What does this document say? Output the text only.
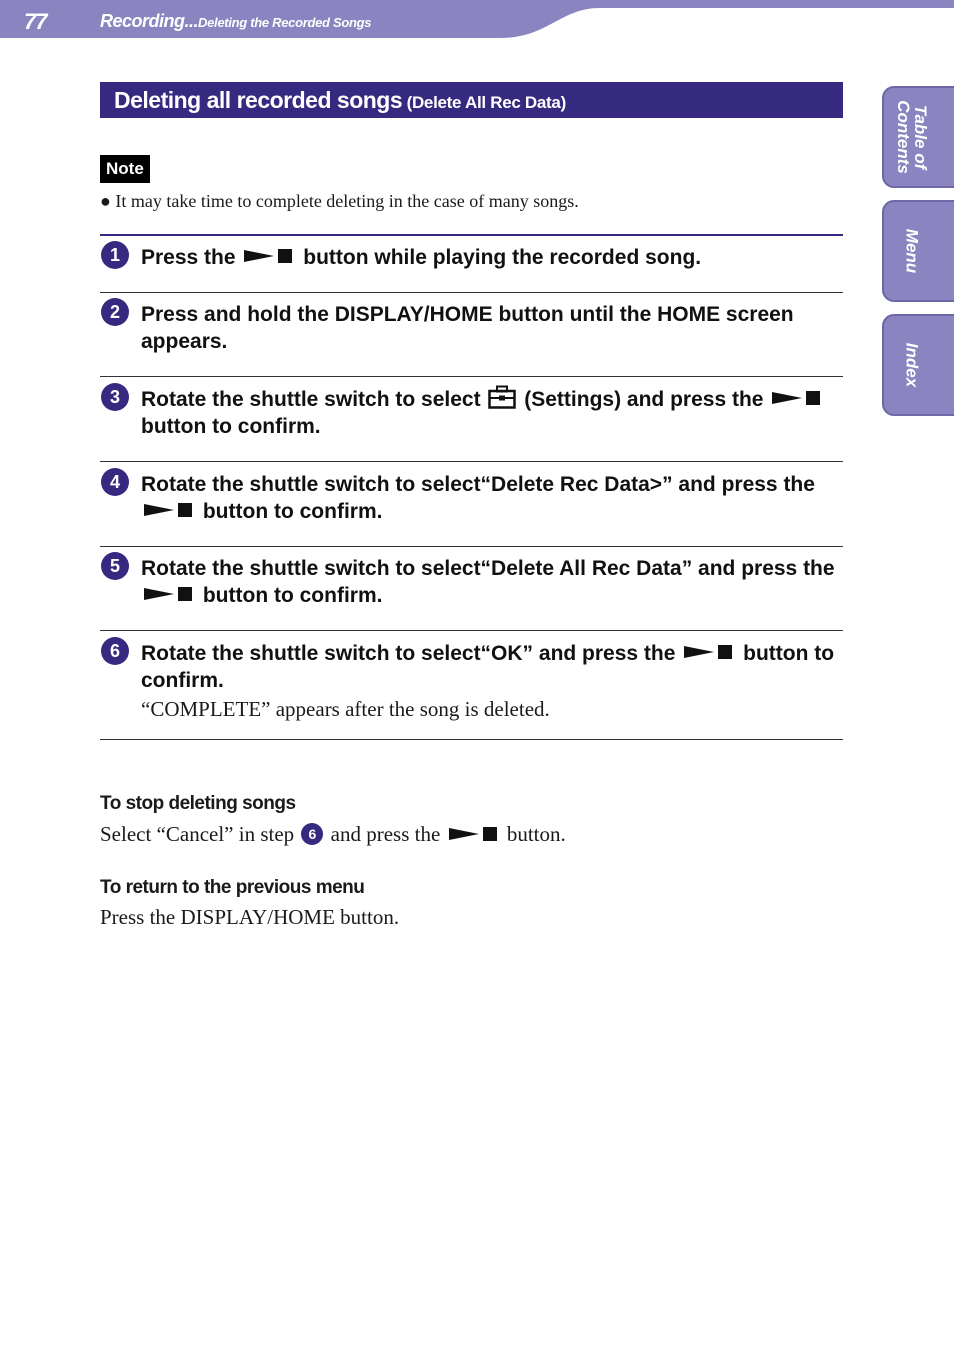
77	Recording...Deleting the Recorded Songs
Table of
Contents
Menu
Index
Deleting all recorded songs (Delete All Rec Data)
Note
● It may take time to complete deleting in the case of many songs.
1	Press the	button while playing the recorded song.
2	Press and hold the DISPLAY/HOME button until the HOME screen appears.
3	Rotate the shuttle switch to select (Settings) and press the  button to confirm.
4	Rotate the shuttle switch to select“Delete Rec Data>” and press the  button to confirm.
5	Rotate the shuttle switch to select“Delete All Rec Data” and press the  button to confirm.
6	Rotate the shuttle switch to select“OK” and press the	button to confirm.
“COMPLETE” appears after the song is deleted.
To stop deleting songs
Select “Cancel” in step 6 and press the	button.
To return to the previous menu
Press the DISPLAY/HOME button.
